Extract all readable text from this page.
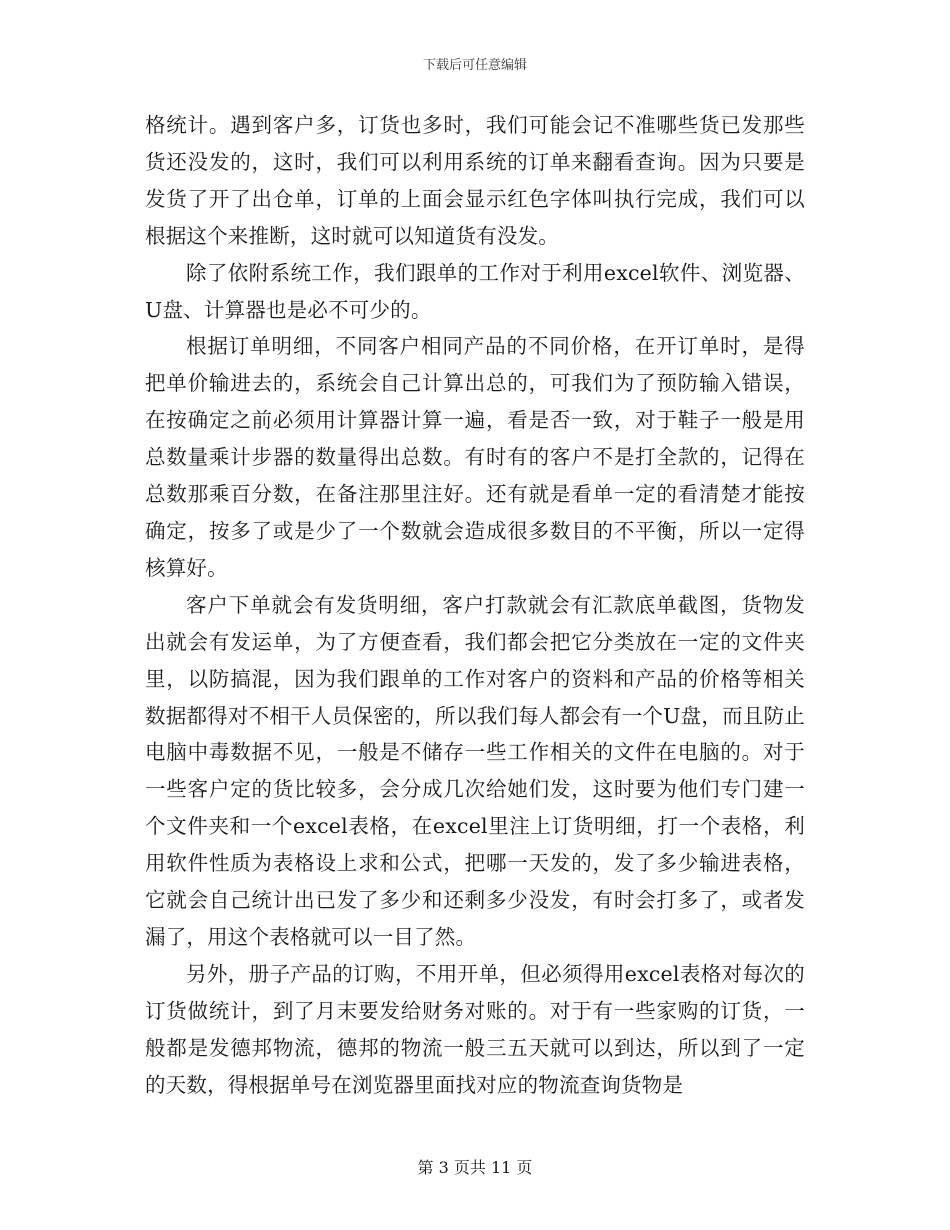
下载后可任意编辑

格统计。遇到客户多，订货也多时，我们可能会记不准哪些货已发那些货还没发的，这时，我们可以利用系统的订单来翻看查询。因为只要是发货了开了出仓单，订单的上面会显示红色字体叫执行完成，我们可以根据这个来推断，这时就可以知道货有没发。

除了依附系统工作，我们跟单的工作对于利用excel软件、浏览器、U盘、计算器也是必不可少的。

根据订单明细，不同客户相同产品的不同价格，在开订单时，是得把单价输进去的，系统会自己计算出总的，可我们为了预防输入错误，在按确定之前必须用计算器计算一遍，看是否一致，对于鞋子一般是用总数量乘计步器的数量得出总数。有时有的客户不是打全款的，记得在总数那乘百分数，在备注那里注好。还有就是看单一定的看清楚才能按确定，按多了或是少了一个数就会造成很多数目的不平衡，所以一定得核算好。

客户下单就会有发货明细，客户打款就会有汇款底单截图，货物发出就会有发运单，为了方便查看，我们都会把它分类放在一定的文件夹里，以防搞混，因为我们跟单的工作对客户的资料和产品的价格等相关数据都得对不相干人员保密的，所以我们每人都会有一个U盘，而且防止电脑中毒数据不见，一般是不储存一些工作相关的文件在电脑的。对于一些客户定的货比较多，会分成几次给她们发，这时要为他们专门建一个文件夹和一个excel表格，在excel里注上订货明细，打一个表格，利用软件性质为表格设上求和公式，把哪一天发的，发了多少输进表格，它就会自己统计出已发了多少和还剩多少没发，有时会打多了，或者发漏了，用这个表格就可以一目了然。

另外，册子产品的订购，不用开单，但必须得用excel表格对每次的订货做统计，到了月末要发给财务对账的。对于有一些家购的订货，一般都是发德邦物流，德邦的物流一般三五天就可以到达，所以到了一定的天数，得根据单号在浏览器里面找对应的物流查询货物是

第 3 页共 11 页
